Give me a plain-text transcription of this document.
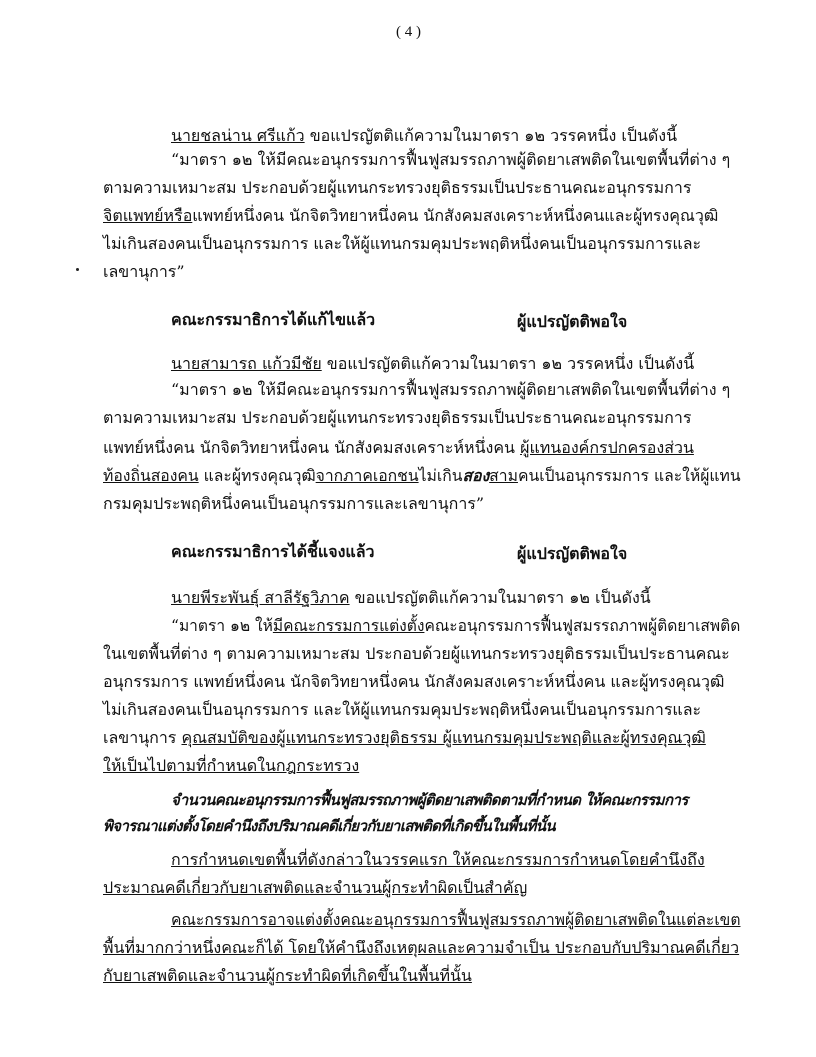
( 4 )
นายชลน่าน ศรีแก้ว ขอแปรญัตติแก้ความในมาตรา ๑๒ วรรคหนึ่ง เป็นดังนี้
“มาตรา ๑๒ ให้มีคณะอนุกรรมการฟื้นฟูสมรรถภาพผู้ติดยาเสพติดในเขตพื้นที่ต่าง ๆ
ตามความเหมาะสม ประกอบด้วยผู้แทนกระทรวงยุติธรรมเป็นประธานคณะอนุกรรมการ
จิตแพทย์หรือแพทย์หนึ่งคน นักจิตวิทยาหนึ่งคน นักสังคมสงเคราะห์หนึ่งคนและผู้ทรงคุณวุฒิ
ไม่เกินสองคนเป็นอนุกรรมการ และให้ผู้แทนกรมคุมประพฤติหนึ่งคนเป็นอนุกรรมการและ
เลขานุการ”
คณะกรรมาธิการได้แก้ไขแล้ว	ผู้แปรญัตติพอใจ
นายสามารถ แก้วมีชัย ขอแปรญัตติแก้ความในมาตรา ๑๒ วรรคหนึ่ง เป็นดังนี้
“มาตรา ๑๒ ให้มีคณะอนุกรรมการฟื้นฟูสมรรถภาพผู้ติดยาเสพติดในเขตพื้นที่ต่าง ๆ
ตามความเหมาะสม ประกอบด้วยผู้แทนกระทรวงยุติธรรมเป็นประธานคณะอนุกรรมการ
แพทย์หนึ่งคน นักจิตวิทยาหนึ่งคน นักสังคมสงเคราะห์หนึ่งคน ผู้แทนองค์กรปกครองส่วน
ท้องถิ่นสองคน และผู้ทรงคุณวุฒิจากภาคเอกชนไม่เกินสองสามคนเป็นอนุกรรมการ และให้ผู้แทน
กรมคุมประพฤติหนึ่งคนเป็นอนุกรรมการและเลขานุการ”
คณะกรรมาธิการได้ชี้แจงแล้ว	ผู้แปรญัตติพอใจ
นายพีระพันธุ์ สาลีรัฐวิภาค ขอแปรญัตติแก้ความในมาตรา ๑๒ เป็นดังนี้
“มาตรา ๑๒ ให้มีคณะกรรมการแต่งตั้งคณะอนุกรรมการฟื้นฟูสมรรถภาพผู้ติดยาเสพติด
ในเขตพื้นที่ต่าง ๆ ตามความเหมาะสม ประกอบด้วยผู้แทนกระทรวงยุติธรรมเป็นประธานคณะ
อนุกรรมการ แพทย์หนึ่งคน นักจิตวิทยาหนึ่งคน นักสังคมสงเคราะห์หนึ่งคน และผู้ทรงคุณวุฒิ
ไม่เกินสองคนเป็นอนุกรรมการ และให้ผู้แทนกรมคุมประพฤติหนึ่งคนเป็นอนุกรรมการและ
เลขานุการ คุณสมบัติของผู้แทนกระทรวงยุติธรรม ผู้แทนกรมคุมประพฤติและผู้ทรงคุณวุฒิ
ให้เป็นไปตามที่กำหนดในกฎกระทรวง
จำนวนคณะอนุกรรมการฟื้นฟูสมรรถภาพผู้ติดยาเสพติดตามที่กำหนด ให้คณะกรรมการ
พิจารณาแต่งตั้งโดยคำนึงถึงปริมาณคดีเกี่ยวกับยาเสพติดที่เกิดขึ้นในพื้นที่นั้น
การกำหนดเขตพื้นที่ดังกล่าวในวรรคแรก ให้คณะกรรมการกำหนดโดยคำนึงถึง
ประมาณคดีเกี่ยวกับยาเสพติดและจำนวนผู้กระทำผิดเป็นสำคัญ
คณะกรรมการอาจแต่งตั้งคณะอนุกรรมการฟื้นฟูสมรรถภาพผู้ติดยาเสพติดในแต่ละเขต
พื้นที่มากกว่าหนึ่งคณะก็ได้ โดยให้คำนึงถึงเหตุผลและความจำเป็น ประกอบกับปริมาณคดีเกี่ยว
กับยาเสพติดและจำนวนผู้กระทำผิดที่เกิดขึ้นในพื้นที่นั้น
